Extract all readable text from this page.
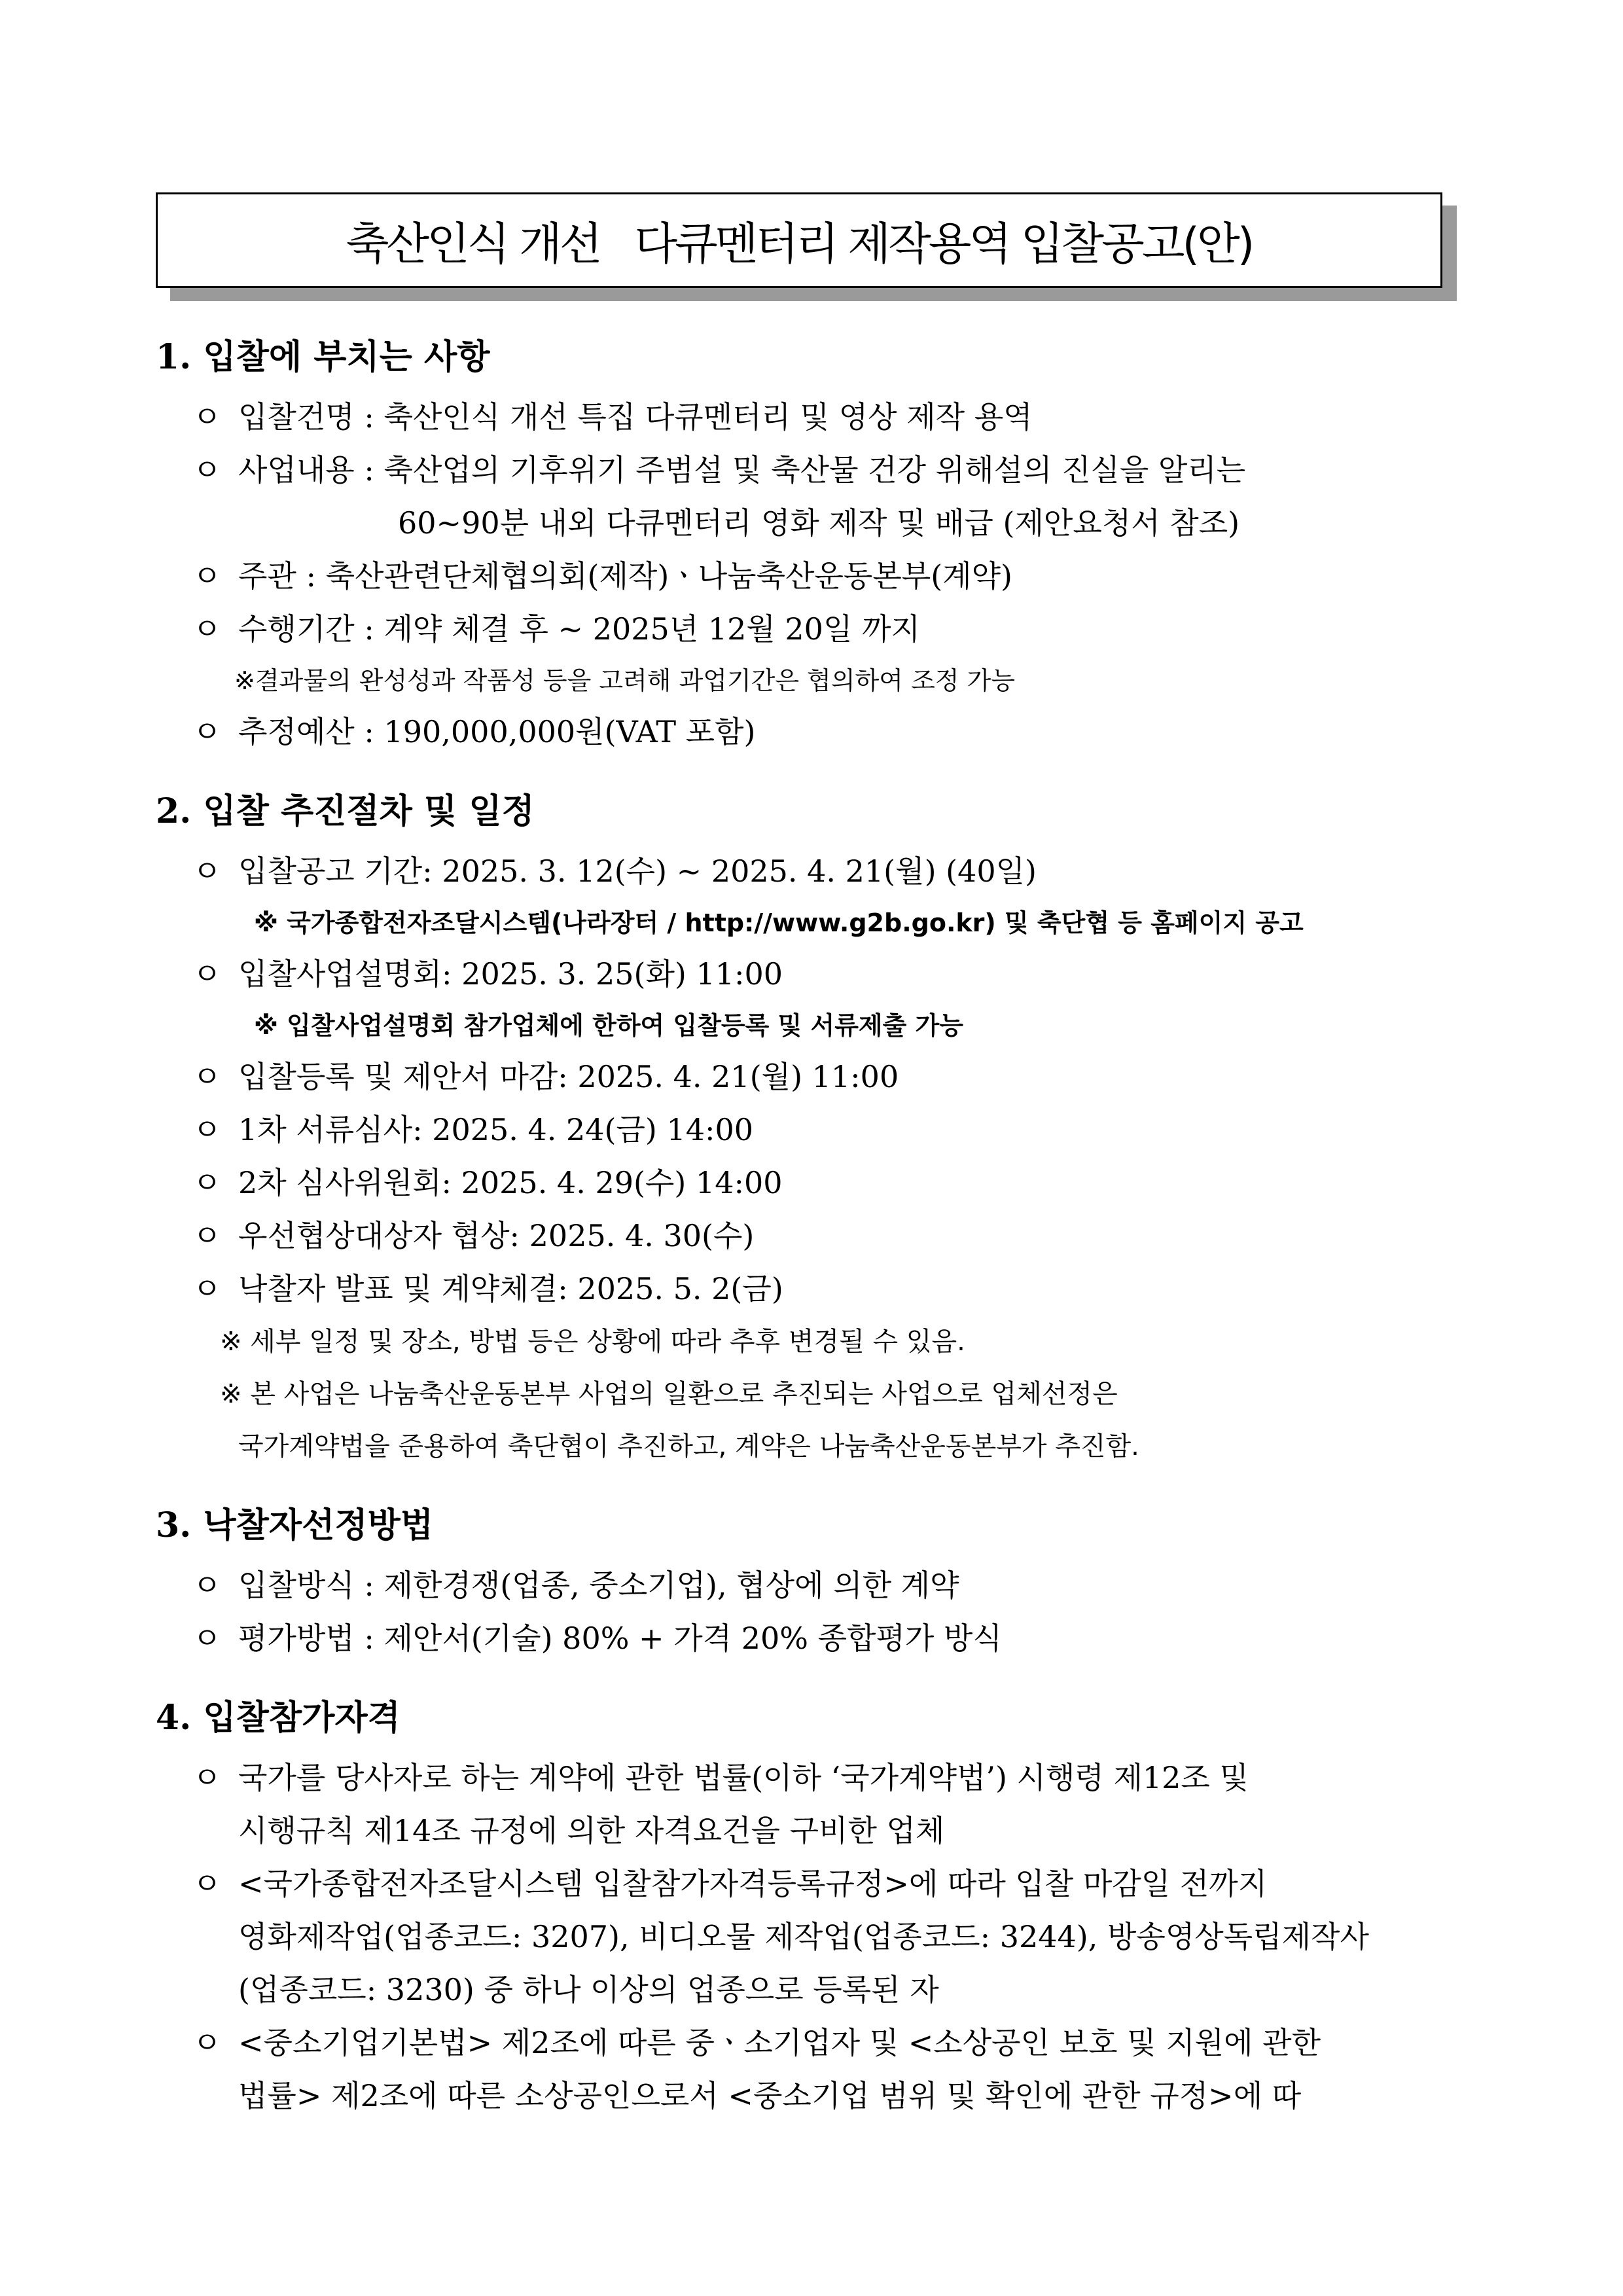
축산인식 개선   다큐멘터리 제작용역 입찰공고(안)
1. 입찰에 부치는 사항
ㅇ 입찰건명 : 축산인식 개선 특집 다큐멘터리 및 영상 제작 용역
ㅇ 사업내용 : 축산업의 기후위기 주범설 및 축산물 건강 위해설의 진실을 알리는
60~90분 내외 다큐멘터리 영화 제작 및 배급 (제안요청서 참조)
ㅇ 주관 : 축산관련단체협의회(제작)ㆍ나눔축산운동본부(계약)
ㅇ 수행기간 : 계약 체결 후 ~ 2025년 12월 20일 까지
※결과물의 완성성과 작품성 등을 고려해 과업기간은 협의하여 조정 가능
ㅇ 추정예산 : 190,000,000원(VAT 포함)
2. 입찰 추진절차 및 일정
ㅇ 입찰공고 기간: 2025. 3. 12(수) ∼ 2025. 4. 21(월) (40일)
※ 국가종합전자조달시스템(나라장터 / http://www.g2b.go.kr) 및 축단협 등 홈페이지 공고
ㅇ 입찰사업설명회: 2025. 3. 25(화) 11:00
※ 입찰사업설명회 참가업체에 한하여 입찰등록 및 서류제출 가능
ㅇ 입찰등록 및 제안서 마감: 2025. 4. 21(월) 11:00
ㅇ 1차 서류심사: 2025. 4. 24(금) 14:00
ㅇ 2차 심사위원회: 2025. 4. 29(수) 14:00
ㅇ 우선협상대상자 협상: 2025. 4. 30(수)
ㅇ 낙찰자 발표 및 계약체결: 2025. 5. 2(금)
※ 세부 일정 및 장소, 방법 등은 상황에 따라 추후 변경될 수 있음.
※ 본 사업은 나눔축산운동본부 사업의 일환으로 추진되는 사업으로 업체선정은
국가계약법을 준용하여 축단협이 추진하고, 계약은 나눔축산운동본부가 추진함.
3. 낙찰자선정방법
ㅇ 입찰방식 : 제한경쟁(업종, 중소기업), 협상에 의한 계약
ㅇ 평가방법 : 제안서(기술) 80% + 가격 20% 종합평가 방식
4. 입찰참가자격
ㅇ 국가를 당사자로 하는 계약에 관한 법률(이하 ‘국가계약법’) 시행령 제12조 및
시행규칙 제14조 규정에 의한 자격요건을 구비한 업체
ㅇ <국가종합전자조달시스템 입찰참가자격등록규정>에 따라 입찰 마감일 전까지
영화제작업(업종코드: 3207), 비디오물 제작업(업종코드: 3244), 방송영상독립제작사
(업종코드: 3230) 중 하나 이상의 업종으로 등록된 자
ㅇ <중소기업기본법> 제2조에 따른 중ㆍ소기업자 및 <소상공인 보호 및 지원에 관한
법률> 제2조에 따른 소상공인으로서 <중소기업 범위 및 확인에 관한 규정>에 따
